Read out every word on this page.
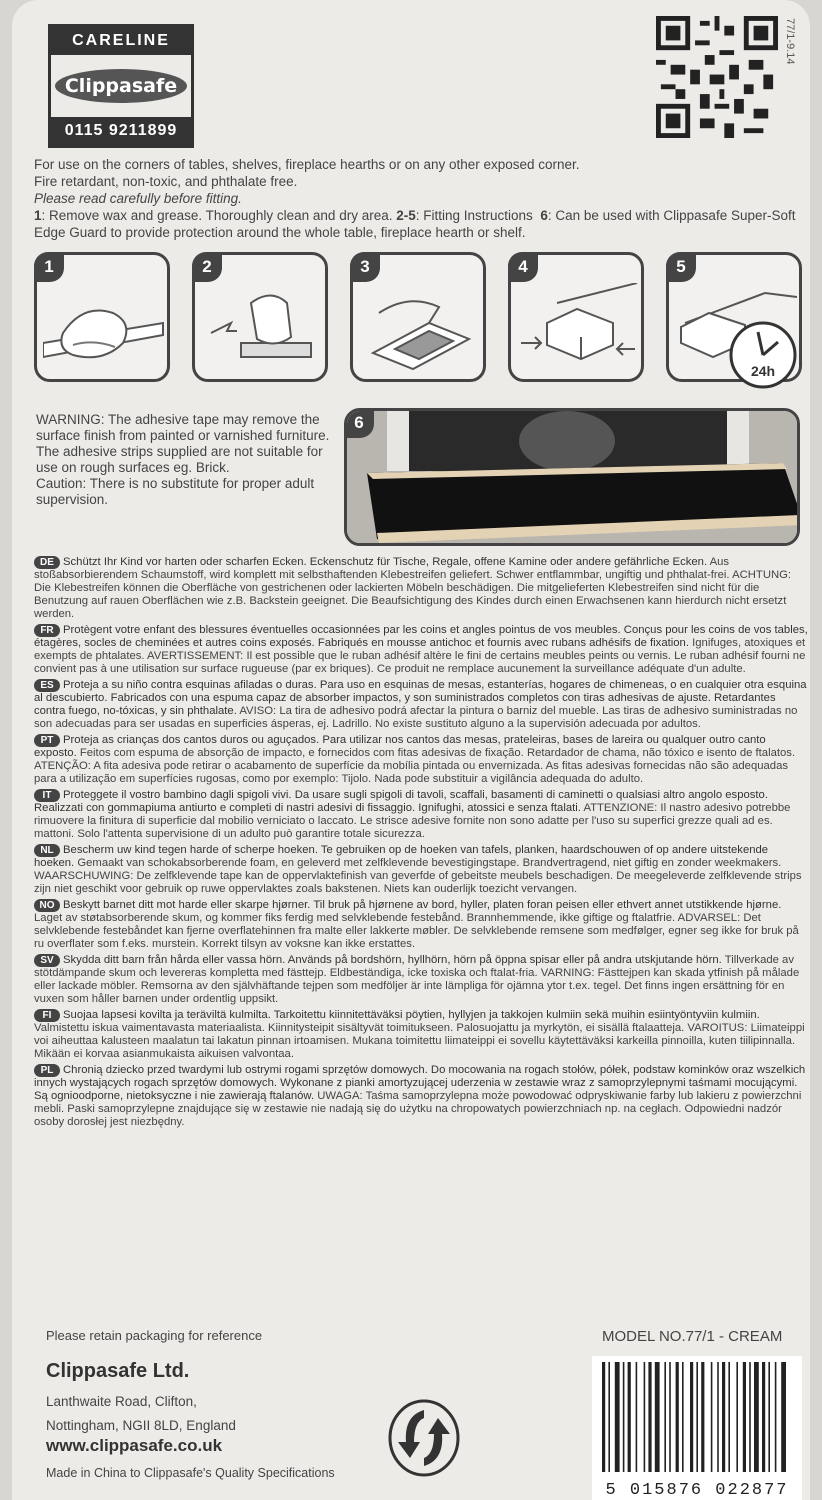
CARELINE
Clippasafe
0115 9211899
77/1-9.14
For use on the corners of tables, shelves, fireplace hearths or on any other exposed corner.
Fire retardant, non-toxic, and phthalate free.
Please read carefully before fitting.
1: Remove wax and grease. Thoroughly clean and dry area. 2-5: Fitting Instructions 6: Can be used with Clippasafe Super-Soft Edge Guard to provide protection around the whole table, fireplace hearth or shelf.
1	2	3	4	5
24h
WARNING: The adhesive tape may remove the surface finish from painted or varnished furniture.
The adhesive strips supplied are not suitable for use on rough surfaces eg. Brick.
Caution: There is no substitute for proper adult supervision.
6
DE Schützt Ihr Kind vor harten oder scharfen Ecken. Eckenschutz für Tische, Regale, offene Kamine oder andere gefährliche Ecken. Aus stoßabsorbierendem Schaumstoff, wird komplett mit selbsthaftenden Klebestreifen geliefert. Schwer entflammbar, ungiftig und phthalat-frei. ACHTUNG: Die Klebestreifen können die Oberfläche von gestrichenen oder lackierten Möbeln beschädigen. Die mitgelieferten Klebestreifen sind nicht für die Benutzung auf rauen Oberflächen wie z.B. Backstein geeignet. Die Beaufsichtigung des Kindes durch einen Erwachsenen kann hierdurch nicht ersetzt werden.
FR Protègent votre enfant des blessures éventuelles occasionnées par les coins et angles pointus de vos meubles. Conçus pour les coins de vos tables, étagères, socles de cheminées et autres coins exposés. Fabriqués en mousse antichoc et fournis avec rubans adhésifs de fixation. Ignifuges, atoxiques et exempts de phtalates. AVERTISSEMENT: Il est possible que le ruban adhésif altère le fini de certains meubles peints ou vernis. Le ruban adhésif fourni ne convient pas à une utilisation sur surface rugueuse (par ex briques). Ce produit ne remplace aucunement la surveillance adéquate d'un adulte.
ES Proteja a su niño contra esquinas afiladas o duras. Para uso en esquinas de mesas, estanterías, hogares de chimeneas, o en cualquier otra esquina al descubierto. Fabricados con una espuma capaz de absorber impactos, y son suministrados completos con tiras adhesivas de ajuste. Retardantes contra fuego, no-tóxicas, y sin phthalate. AVISO: La tira de adhesivo podrá afectar la pintura o barniz del mueble. Las tiras de adhesivo suministradas no son adecuadas para ser usadas en superficies ásperas, ej. Ladrillo. No existe sustituto alguno a la supervisión adecuada por adultos.
PT Proteja as crianças dos cantos duros ou aguçados. Para utilizar nos cantos das mesas, prateleiras, bases de lareira ou qualquer outro canto exposto. Feitos com espuma de absorção de impacto, e fornecidos com fitas adesivas de fixação. Retardador de chama, não tóxico e isento de ftalatos. ATENÇÃO: A fita adesiva pode retirar o acabamento de superfície da mobília pintada ou envernizada. As fitas adesivas fornecidas não são adequadas para a utilização em superfícies rugosas, como por exemplo: Tijolo. Nada pode substituir a vigilância adequada do adulto.
IT Proteggete il vostro bambino dagli spigoli vivi. Da usare sugli spigoli di tavoli, scaffali, basamenti di caminetti o qualsiasi altro angolo esposto. Realizzati con gommapiuma antiurto e completi di nastri adesivi di fissaggio. Ignifughi, atossici e senza ftalati. ATTENZIONE: Il nastro adesivo potrebbe rimuovere la finitura di superficie dal mobilio verniciato o laccato. Le strisce adesive fornite non sono adatte per l'uso su superfici grezze quali ad es. mattoni. Solo l'attenta supervisione di un adulto può garantire totale sicurezza.
NL Bescherm uw kind tegen harde of scherpe hoeken. Te gebruiken op de hoeken van tafels, planken, haardschouwen of op andere uitstekende hoeken. Gemaakt van schokabsorberende foam, en geleverd met zelfklevende bevestigingstape. Brandvertragend, niet giftig en zonder weekmakers. WAARSCHUWING: De zelfklevende tape kan de oppervlaktefinish van geverfde of gebeitste meubels beschadigen. De meegeleverde zelfklevende strips zijn niet geschikt voor gebruik op ruwe oppervlaktes zoals bakstenen. Niets kan ouderlijk toezicht vervangen.
NO Beskytt barnet ditt mot harde eller skarpe hjørner. Til bruk på hjørnene av bord, hyller, platen foran peisen eller ethvert annet utstikkende hjørne. Laget av støtabsorberende skum, og kommer fiks ferdig med selvklebende festebånd. Brannhemmende, ikke giftige og ftalatfrie. ADVARSEL: Det selvklebende festebåndet kan fjerne overflatehinnen fra malte eller lakkerte møbler. De selvklebende remsene som medfølger, egner seg ikke for bruk på ru overflater som f.eks. murstein. Korrekt tilsyn av voksne kan ikke erstattes.
SV Skydda ditt barn från hårda eller vassa hörn. Används på bordshörn, hyllhörn, hörn på öppna spisar eller på andra utskjutande hörn. Tillverkade av stötdämpande skum och levereras kompletta med fästtejp. Eldbeständiga, icke toxiska och ftalat-fria. VARNING: Fästtejpen kan skada ytfinish på målade eller lackade möbler. Remsorna av den självhäftande tejpen som medföljer är inte lämpliga för ojämna ytor t.ex. tegel. Det finns ingen ersättning för en vuxen som håller barnen under ordentlig uppsikt.
FI Suojaa lapsesi kovilta ja teräviltä kulmilta. Tarkoitettu kiinnitettäväksi pöytien, hyllyjen ja takkojen kulmiin sekä muihin esiintyöntyviin kulmiin. Valmistettu iskua vaimentavasta materiaalista. Kiinnitysteipit sisältyvät toimitukseen. Palosuojattu ja myrkytön, ei sisällä ftalaatteja. VAROITUS: Liimateippi voi aiheuttaa kalusteen maalatun tai lakatun pinnan irtoamisen. Mukana toimitettu liimateippi ei sovellu käytettäväksi karkeilla pinnoilla, kuten tiilipinnalla. Mikään ei korvaa asianmukaista aikuisen valvontaa.
PL Chronią dziecko przed twardymi lub ostrymi rogami sprzętów domowych. Do mocowania na rogach stołów, półek, podstaw kominków oraz wszelkich innych wystających rogach sprzętów domowych. Wykonane z pianki amortyzującej uderzenia w zestawie wraz z samoprzylepnymi taśmami mocującymi. Są ognioodporne, nietoksyczne i nie zawierają ftalanów. UWAGA: Taśma samoprzylepna może powodować odpryskiwanie farby lub lakieru z powierzchni mebli. Paski samoprzylepne znajdujące się w zestawie nie nadają się do użytku na chropowatych powierzchniach np. na cegłach. Odpowiedni nadzór osoby dorosłej jest niezbędny.
Please retain packaging for reference	MODEL NO.77/1 - CREAM
Clippasafe Ltd.
Lanthwaite Road, Clifton,
Nottingham, NGII 8LD, England
www.clippasafe.co.uk
Made in China to Clippasafe's Quality Specifications
5 015876 022877
